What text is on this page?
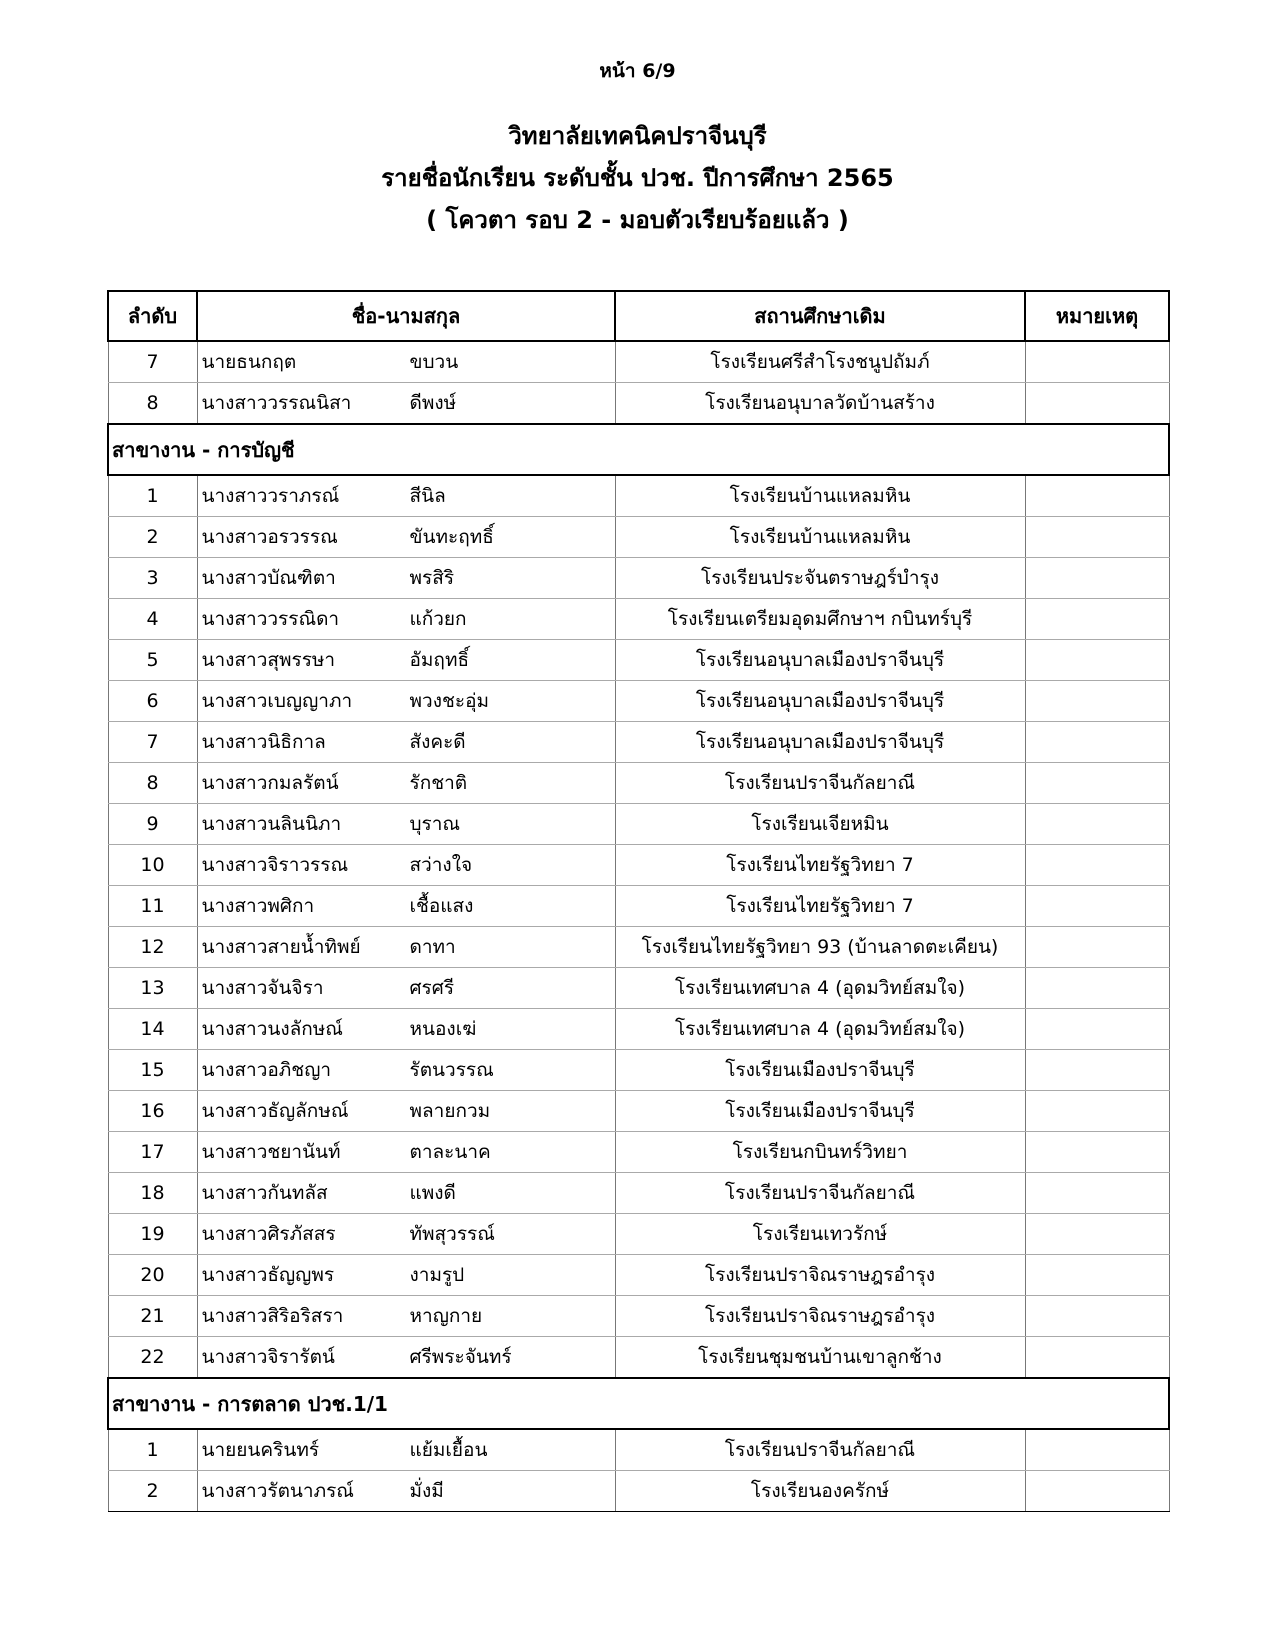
หน้า 6/9
วิทยาลัยเทคนิคปราจีนบุรี
รายชื่อนักเรียน ระดับชั้น ปวช. ปีการศึกษา 2565
( โควตา รอบ 2 - มอบตัวเรียบร้อยแล้ว )
ลำดับ	ชื่อ-นามสกุล	สถานศึกษาเดิม	หมายเหตุ
7	นายธนกฤต ขบวน	โรงเรียนศรีสำโรงชนูปถัมภ์	
8	นางสาววรรณนิสา ดีพงษ์	โรงเรียนอนุบาลวัดบ้านสร้าง	
สาขางาน - การบัญชี			
1	นางสาววราภรณ์ สีนิล	โรงเรียนบ้านแหลมหิน	
2	นางสาวอรวรรณ ขันทะฤทธิ์	โรงเรียนบ้านแหลมหิน	
3	นางสาวบัณฑิตา พรสิริ	โรงเรียนประจันตราษฎร์บำรุง	
4	นางสาววรรณิดา แก้วยก	โรงเรียนเตรียมอุดมศึกษาฯ กบินทร์บุรี	
5	นางสาวสุพรรษา อัมฤทธิ์	โรงเรียนอนุบาลเมืองปราจีนบุรี	
6	นางสาวเบญญาภา พวงชะอุ่ม	โรงเรียนอนุบาลเมืองปราจีนบุรี	
7	นางสาวนิธิกาล สังคะดี	โรงเรียนอนุบาลเมืองปราจีนบุรี	
8	นางสาวกมลรัตน์ รักชาติ	โรงเรียนปราจีนกัลยาณี	
9	นางสาวนลินนิภา บุราณ	โรงเรียนเจียหมิน	
10	นางสาวจิราวรรณ สว่างใจ	โรงเรียนไทยรัฐวิทยา 7	
11	นางสาวพศิกา เชื้อแสง	โรงเรียนไทยรัฐวิทยา 7	
12	นางสาวสายน้ำทิพย์ ดาทา	โรงเรียนไทยรัฐวิทยา 93 (บ้านลาดตะเคียน)	
13	นางสาวจันจิรา ศรศรี	โรงเรียนเทศบาล 4 (อุดมวิทย์สมใจ)	
14	นางสาวนงลักษณ์ หนองเฆ่	โรงเรียนเทศบาล 4 (อุดมวิทย์สมใจ)	
15	นางสาวอภิชญา รัตนวรรณ	โรงเรียนเมืองปราจีนบุรี	
16	นางสาวธัญลักษณ์ พลายกวม	โรงเรียนเมืองปราจีนบุรี	
17	นางสาวชยานันท์ ตาละนาค	โรงเรียนกบินทร์วิทยา	
18	นางสาวกันทลัส แพงดี	โรงเรียนปราจีนกัลยาณี	
19	นางสาวศิรภัสสร ทัพสุวรรณ์	โรงเรียนเทวรักษ์	
20	นางสาวธัญญพร งามรูป	โรงเรียนปราจิณราษฎรอำรุง	
21	นางสาวสิริอริสรา หาญกาย	โรงเรียนปราจิณราษฎรอำรุง	
22	นางสาวจิรารัตน์ ศรีพระจันทร์	โรงเรียนชุมชนบ้านเขาลูกช้าง	
สาขางาน - การตลาด ปวช.1/1			
1	นายยนครินทร์ แย้มเยื้อน	โรงเรียนปราจีนกัลยาณี	
2	นางสาวรัตนาภรณ์ มั่งมี	โรงเรียนองครักษ์	
